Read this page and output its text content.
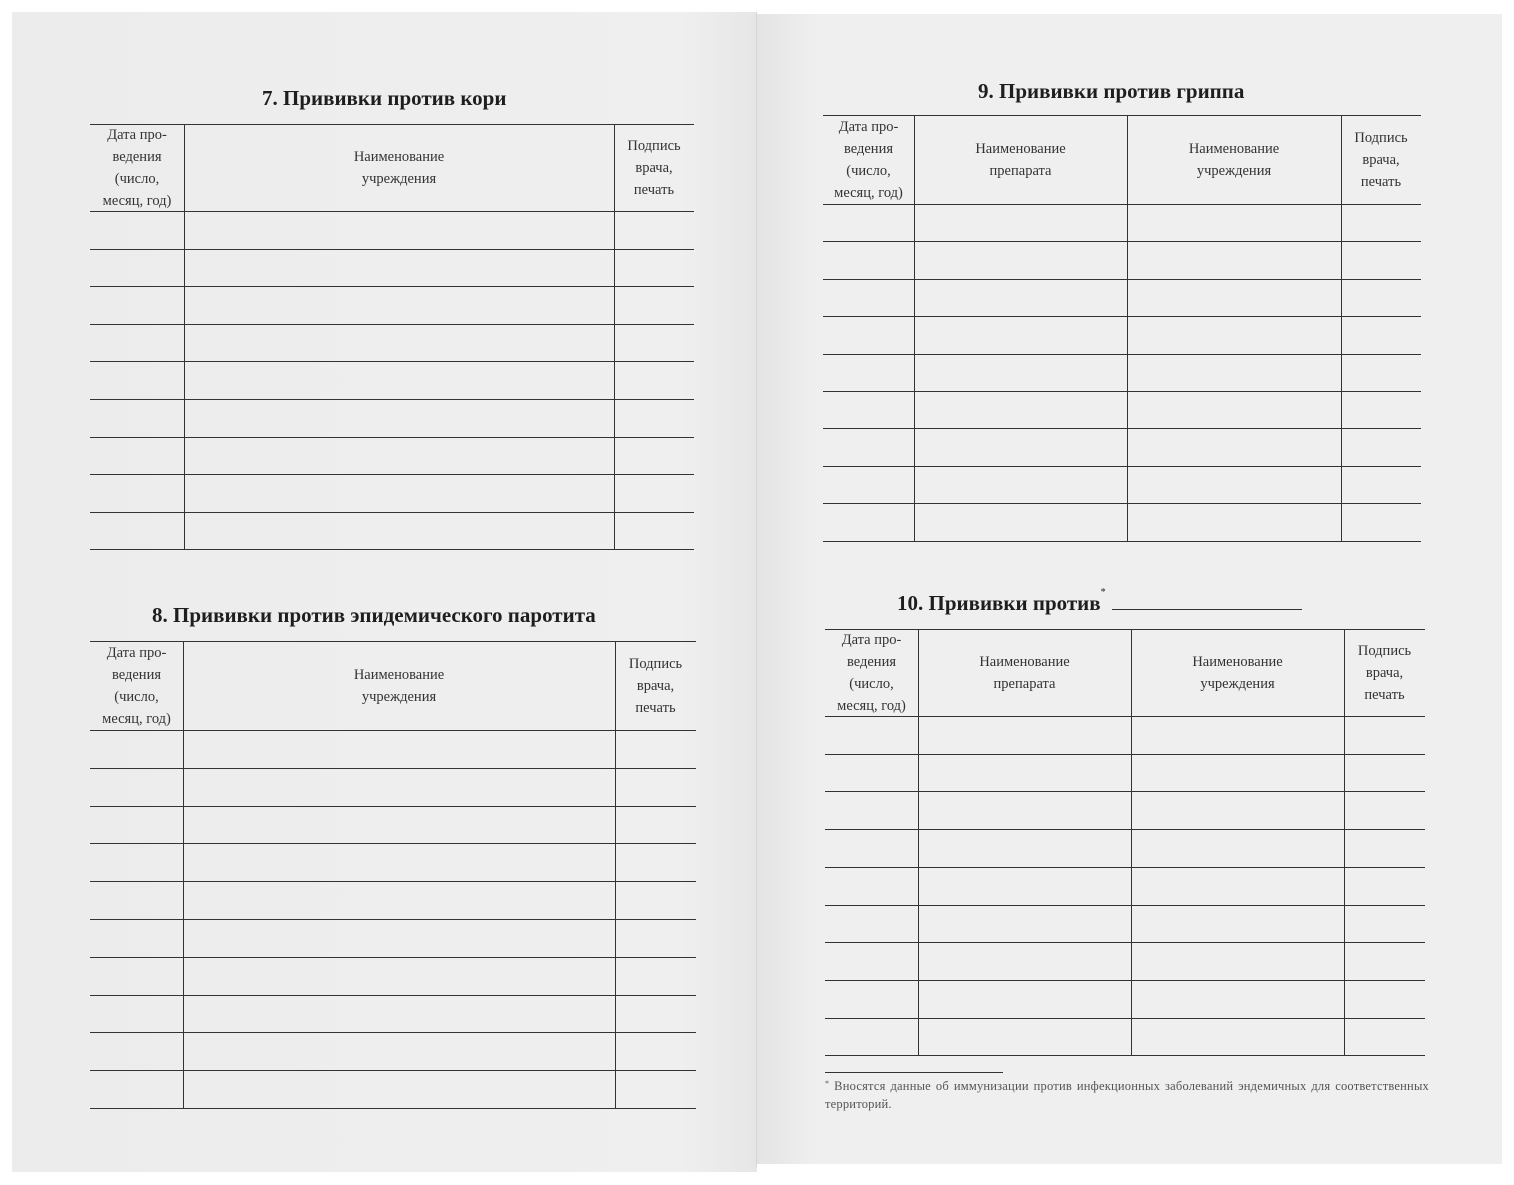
7. Прививки против кори
8. Прививки против эпидемического паротита
9. Прививки против гриппа
10. Прививки против*
* Вносятся данные об иммунизации против инфекционных заболеваний эндемичных для соответственных территорий.
Дата про-
ведения
(число,
месяц, год)
Наименование
учреждения
Подпись
врача,
печать
Дата про-
ведения
(число,
месяц, год)
Наименование
учреждения
Подпись
врача,
печать
Дата про-
ведения
(число,
месяц, год)
Наименование
препарата
Наименование
учреждения
Подпись
врача,
печать
Дата про-
ведения
(число,
месяц, год)
Наименование
препарата
Наименование
учреждения
Подпись
врача,
печать
